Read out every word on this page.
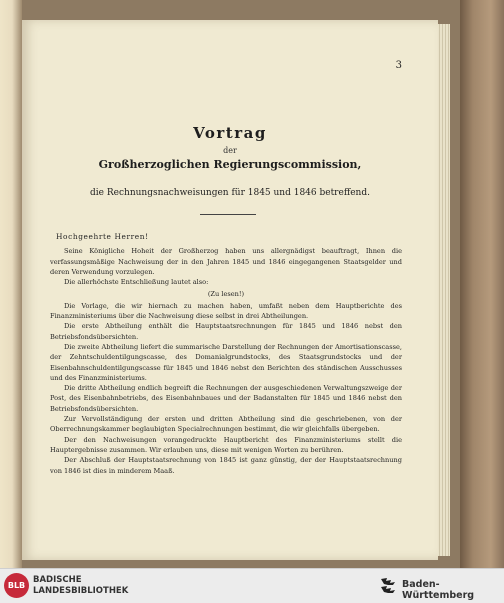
3
Vortrag
der
Großherzoglichen Regierungscommission,
die Rechnungsnachweisungen für 1845 und 1846 betreffend.

Hochgeehrte Herren!

Seine Königliche Hoheit der Großherzog haben uns allergnädigst beauftragt, Ihnen die verfassungsmäßige Nachweisung der in den Jahren 1845 und 1846 eingegangenen Staatsgelder und deren Verwendung vorzulegen.

Die allerhöchste Entschließung lautet also:

(Zu lesen!)

Die Vorlage, die wir hiernach zu machen haben, umfaßt neben dem Hauptberichte des Finanzministeriums über die Nachweisung diese selbst in drei Abtheilungen.

Die erste Abtheilung enthält die Hauptstaatsrechnungen für 1845 und 1846 nebst den Betriebsfondsübersichten.

Die zweite Abtheilung liefert die summarische Darstellung der Rechnungen der Amortisationscasse, der Zehntschuldentilgungscasse, des Domanialgrundstocks, des Staatsgrundstocks und der Eisenbahnschuldentilgungscasse für 1845 und 1846 nebst den Berichten des ständischen Ausschusses und des Finanzministeriums.

Die dritte Abtheilung endlich begreift die Rechnungen der ausgeschiedenen Verwaltungszweige der Post, des Eisenbahnbetriebs, des Eisenbahnbaues und der Badanstalten für 1845 und 1846 nebst den Betriebsfondsübersichten.

Zur Vervollständigung der ersten und dritten Abtheilung sind die geschriebenen, von der Oberrechnungskammer beglaubigten Specialrechnungen bestimmt, die wir gleichfalls übergeben.

Der den Nachweisungen vorangedruckte Hauptbericht des Finanzministeriums stellt die Hauptergebnisse zusammen. Wir erlauben uns, diese mit wenigen Worten zu berühren.

Der Abschluß der Hauptstaatsrechnung von 1845 ist ganz günstig, der der Hauptstaatsrechnung von 1846 ist dies in minderem Maaß.

BLB
BADISCHE
LANDESBIBLIOTHEK
Baden-Württemberg
